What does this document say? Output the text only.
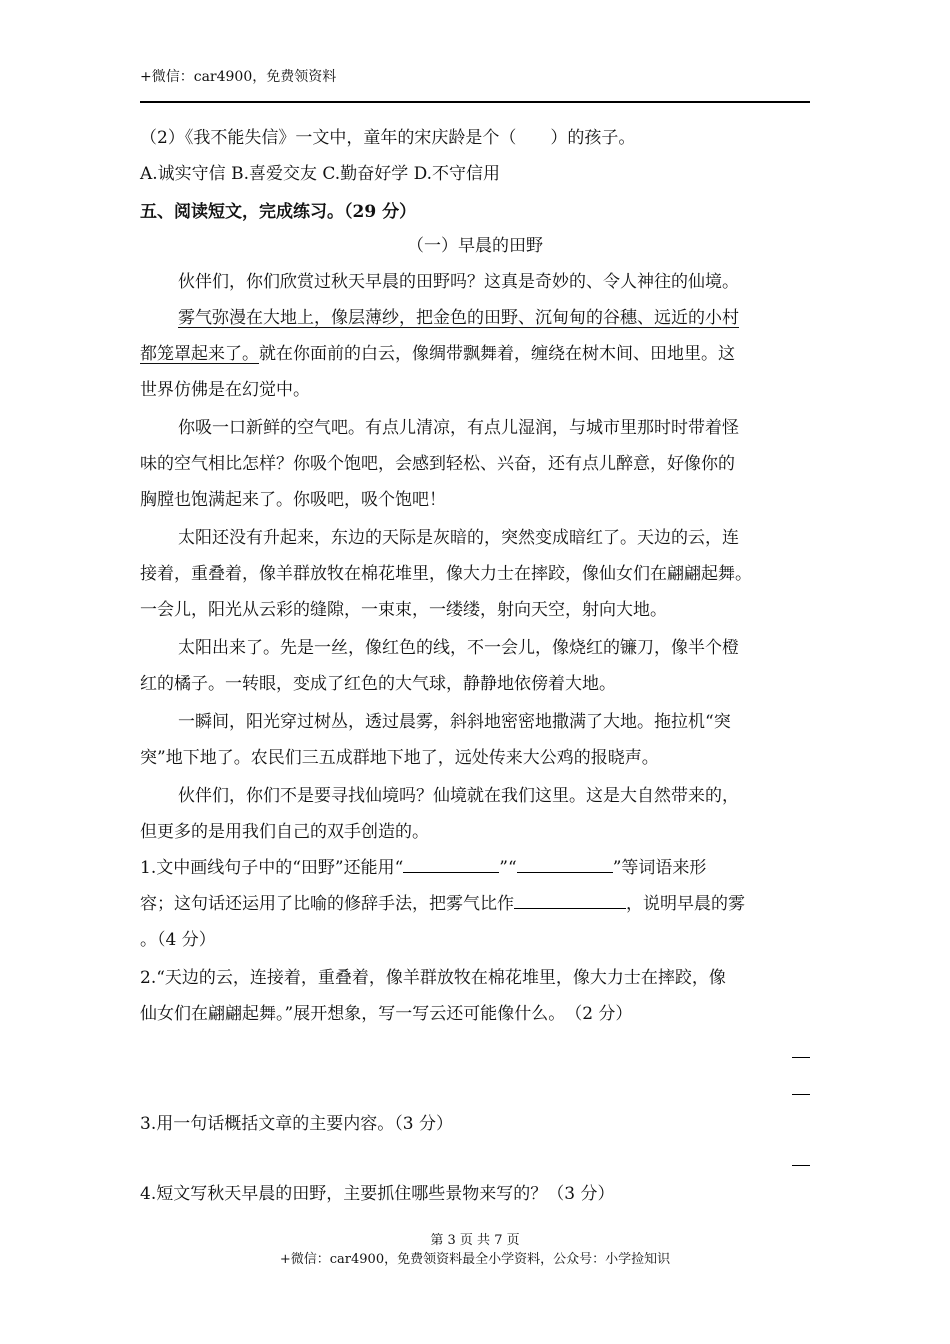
+微信：car4900，免费领资料
（2）《我不能失信》一文中，童年的宋庆龄是个（　　）的孩子。
A.诚实守信 B.喜爱交友 C.勤奋好学 D.不守信用
五、阅读短文，完成练习。（29 分）
（一）早晨的田野
伙伴们，你们欣赏过秋天早晨的田野吗？这真是奇妙的、令人神往的仙境。
雾气弥漫在大地上，像层薄纱，把金色的田野、沉甸甸的谷穗、远近的小村
都笼罩起来了。就在你面前的白云，像绸带飘舞着，缠绕在树木间、田地里。这
世界仿佛是在幻觉中。
你吸一口新鲜的空气吧。有点儿清凉，有点儿湿润，与城市里那时时带着怪
味的空气相比怎样？你吸个饱吧，会感到轻松、兴奋，还有点儿醉意，好像你的
胸膛也饱满起来了。你吸吧，吸个饱吧！
太阳还没有升起来，东边的天际是灰暗的，突然变成暗红了。天边的云，连
接着，重叠着，像羊群放牧在棉花堆里，像大力士在摔跤，像仙女们在翩翩起舞。
一会儿，阳光从云彩的缝隙，一束束，一缕缕，射向天空，射向大地。
太阳出来了。先是一丝，像红色的线，不一会儿，像烧红的镰刀，像半个橙
红的橘子。一转眼，变成了红色的大气球，静静地依傍着大地。
一瞬间，阳光穿过树丛，透过晨雾，斜斜地密密地撒满了大地。拖拉机“突
突”地下地了。农民们三五成群地下地了，远处传来大公鸡的报晓声。
伙伴们，你们不是要寻找仙境吗？仙境就在我们这里。这是大自然带来的，
但更多的是用我们自己的双手创造的。
1.文中画线句子中的“田野”还能用“	”“	”等词语来形
容；这句话还运用了比喻的修辞手法，把雾气比作	，说明早晨的雾
。（4 分）
2.“天边的云，连接着，重叠着，像羊群放牧在棉花堆里，像大力士在摔跤，像
仙女们在翩翩起舞。”展开想象，写一写云还可能像什么。　（2 分）
3.用一句话概括文章的主要内容。（3 分）
4.短文写秋天早晨的田野，主要抓住哪些景物来写的？（3 分）
第 3 页 共 7 页
+微信：car4900，免费领资料最全小学资料，公众号：小学捡知识
